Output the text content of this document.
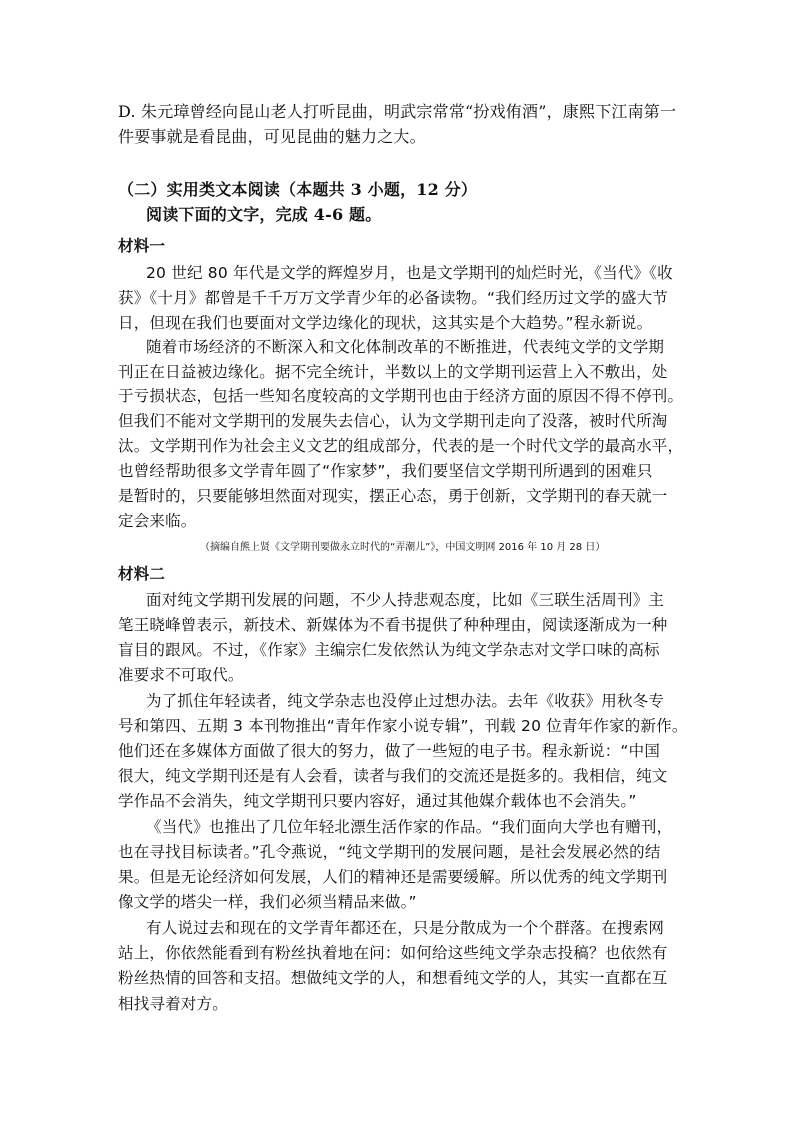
D. 朱元璋曾经向昆山老人打听昆曲，明武宗常常“扮戏侑酒”，康熙下江南第一
件要事就是看昆曲，可见昆曲的魅力之大。
（二）实用类文本阅读（本题共 3 小题，12 分）
阅读下面的文字，完成 4-6 题。
材料一
20 世纪 80 年代是文学的辉煌岁月，也是文学期刊的灿烂时光，《当代》《收
获》《十月》都曾是千千万万文学青少年的必备读物。“我们经历过文学的盛大节
日，但现在我们也要面对文学边缘化的现状，这其实是个大趋势。”程永新说。
随着市场经济的不断深入和文化体制改革的不断推进，代表纯文学的文学期
刊正在日益被边缘化。据不完全统计，半数以上的文学期刊运营上入不敷出，处
于亏损状态，包括一些知名度较高的文学期刊也由于经济方面的原因不得不停刊。
但我们不能对文学期刊的发展失去信心，认为文学期刊走向了没落，被时代所淘
汰。文学期刊作为社会主义文艺的组成部分，代表的是一个时代文学的最高水平，
也曾经帮助很多文学青年圆了“作家梦”，我们要坚信文学期刊所遇到的困难只
是暂时的，只要能够坦然面对现实，摆正心态，勇于创新，文学期刊的春天就一
定会来临。
（摘编自熊上贤《文学期刊要做永立时代的“弄潮儿”》，中国文明网 2016 年 10 月 28 日）
材料二
面对纯文学期刊发展的问题，不少人持悲观态度，比如《三联生活周刊》主
笔王晓峰曾表示，新技术、新媒体为不看书提供了种种理由，阅读逐渐成为一种
盲目的跟风。不过，《作家》主编宗仁发依然认为纯文学杂志对文学口味的高标
准要求不可取代。
为了抓住年轻读者，纯文学杂志也没停止过想办法。去年《收获》用秋冬专
号和第四、五期 3 本刊物推出“青年作家小说专辑”，刊载 20 位青年作家的新作。
他们还在多媒体方面做了很大的努力，做了一些短的电子书。程永新说：“中国
很大，纯文学期刊还是有人会看，读者与我们的交流还是挺多的。我相信，纯文
学作品不会消失，纯文学期刊只要内容好，通过其他媒介载体也不会消失。”
《当代》也推出了几位年轻北漂生活作家的作品。“我们面向大学也有赠刊，
也在寻找目标读者。”孔令燕说，“纯文学期刊的发展问题，是社会发展必然的结
果。但是无论经济如何发展，人们的精神还是需要缓解。所以优秀的纯文学期刊
像文学的塔尖一样，我们必须当精品来做。”
有人说过去和现在的文学青年都还在，只是分散成为一个个群落。在搜索网
站上，你依然能看到有粉丝执着地在问：如何给这些纯文学杂志投稿？也依然有
粉丝热情的回答和支招。想做纯文学的人，和想看纯文学的人，其实一直都在互
相找寻着对方。
